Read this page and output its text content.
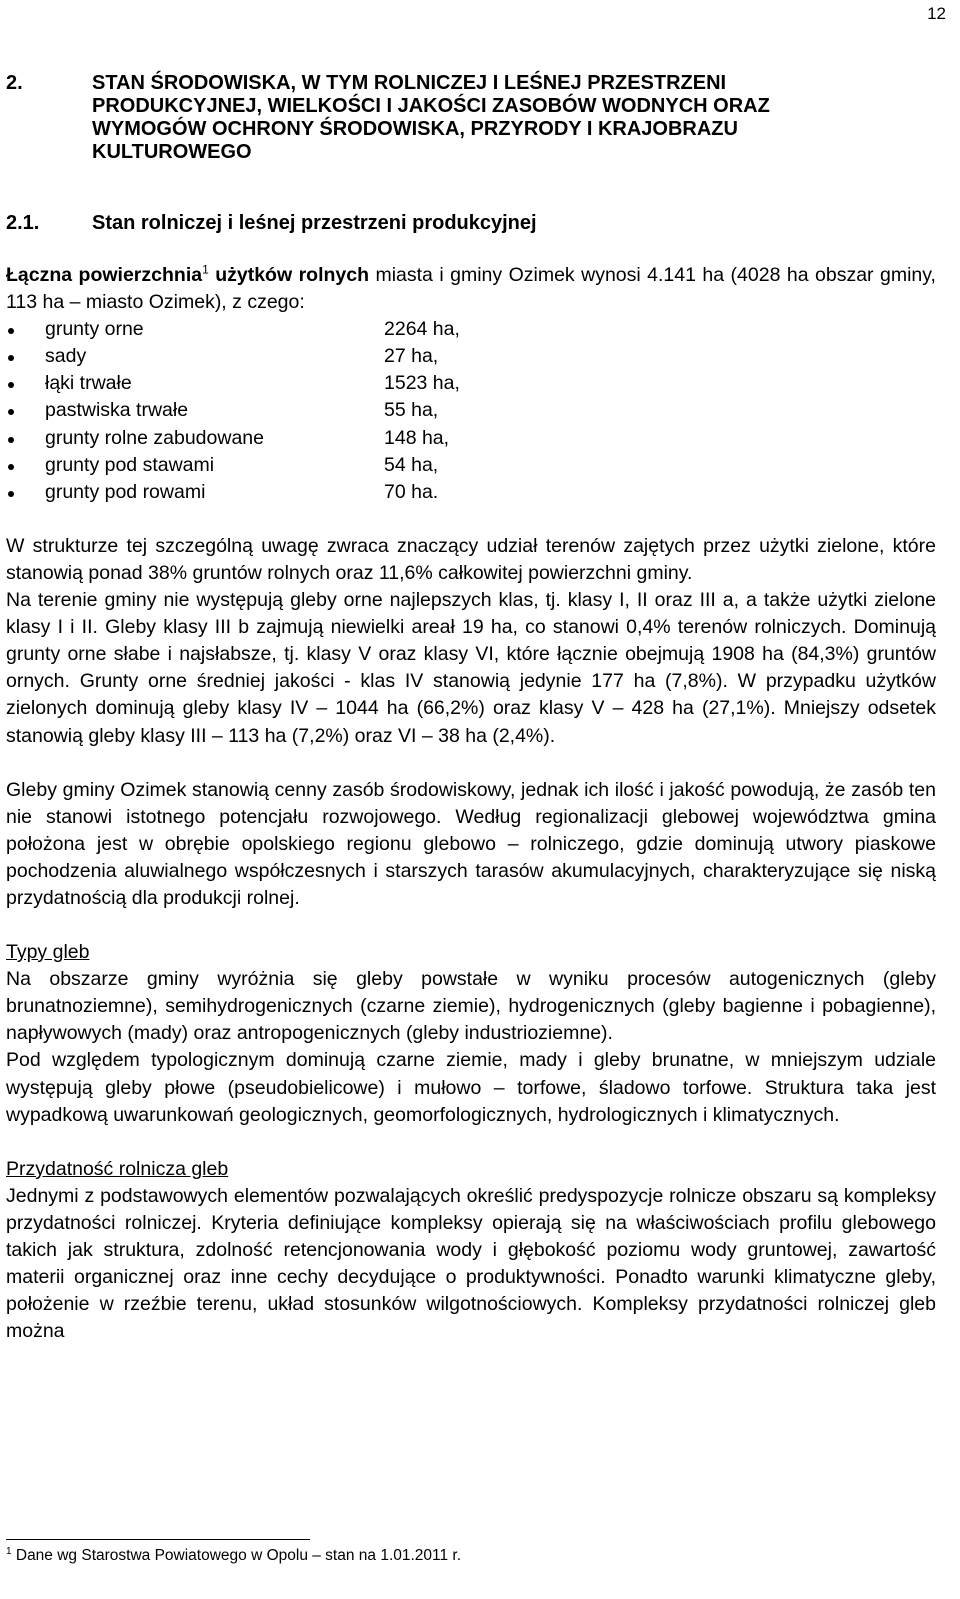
12
2.	STAN ŚRODOWISKA, W TYM ROLNICZEJ I LEŚNEJ PRZESTRZENI
PRODUKCYJNEJ, WIELKOŚCI I JAKOŚCI ZASOBÓW WODNYCH ORAZ
WYMOGÓW OCHRONY ŚRODOWISKA, PRZYRODY I KRAJOBRAZU
KULTUROWEGO
2.1.	Stan rolniczej i leśnej przestrzeni produkcyjnej

Łączna powierzchnia$^1$ użytków rolnych miasta i gminy Ozimek wynosi 4.141 ha (4028 ha obszar gminy, 113 ha – miasto Ozimek), z czego:

grunty orne	2264 ha,
sady	27 ha,
łąki trwałe	1523 ha,
pastwiska trwałe	55 ha,
grunty rolne zabudowane	148 ha,
grunty pod stawami	54 ha,
grunty pod rowami	70 ha.

W strukturze tej szczególną uwagę zwraca znaczący udział terenów zajętych przez użytki zielone, które stanowią ponad 38% gruntów rolnych oraz 11,6% całkowitej powierzchni gminy.

Na terenie gminy nie występują gleby orne najlepszych klas, tj. klasy I, II oraz III a, a także użytki zielone klasy I i II. Gleby klasy III b zajmują niewielki areał 19 ha, co stanowi 0,4% terenów rolniczych. Dominują grunty orne słabe i najsłabsze, tj. klasy V oraz klasy VI, które łącznie obejmują 1908 ha (84,3%) gruntów ornych. Grunty orne średniej jakości - klas IV stanowią jedynie 177 ha (7,8%). W przypadku użytków zielonych dominują gleby klasy IV – 1044 ha (66,2%) oraz klasy V – 428 ha (27,1%). Mniejszy odsetek stanowią gleby klasy III – 113 ha (7,2%) oraz VI – 38 ha (2,4%).

Gleby gminy Ozimek stanowią cenny zasób środowiskowy, jednak ich ilość i jakość powodują, że zasób ten nie stanowi istotnego potencjału rozwojowego. Według regionalizacji glebowej województwa gmina położona jest w obrębie opolskiego regionu glebowo – rolniczego, gdzie dominują utwory piaskowe pochodzenia aluwialnego współczesnych i starszych tarasów akumulacyjnych, charakteryzujące się niską przydatnością dla produkcji rolnej.

Typy gleb

Na obszarze gminy wyróżnia się gleby powstałe w wyniku procesów autogenicznych (gleby brunatnoziemne), semihydrogenicznych (czarne ziemie), hydrogenicznych (gleby bagienne i pobagienne), napływowych (mady) oraz antropogenicznych (gleby industrioziemne).

Pod względem typologicznym dominują czarne ziemie, mady i gleby brunatne, w mniejszym udziale występują gleby płowe (pseudobielicowe) i mułowo – torfowe, śladowo torfowe. Struktura taka jest wypadkową uwarunkowań geologicznych, geomorfologicznych, hydrologicznych i klimatycznych.

Przydatność rolnicza gleb

Jednymi z podstawowych elementów pozwalających określić predyspozycje rolnicze obszaru są kompleksy przydatności rolniczej. Kryteria definiujące kompleksy opierają się na właściwościach profilu glebowego takich jak struktura, zdolność retencjonowania wody i głębokość poziomu wody gruntowej, zawartość materii organicznej oraz inne cechy decydujące o produktywności. Ponadto warunki klimatyczne gleby, położenie w rzeźbie terenu, układ stosunków wilgotnościowych. Kompleksy przydatności rolniczej gleb można

$^1$ Dane wg Starostwa Powiatowego w Opolu – stan na 1.01.2011 r.
